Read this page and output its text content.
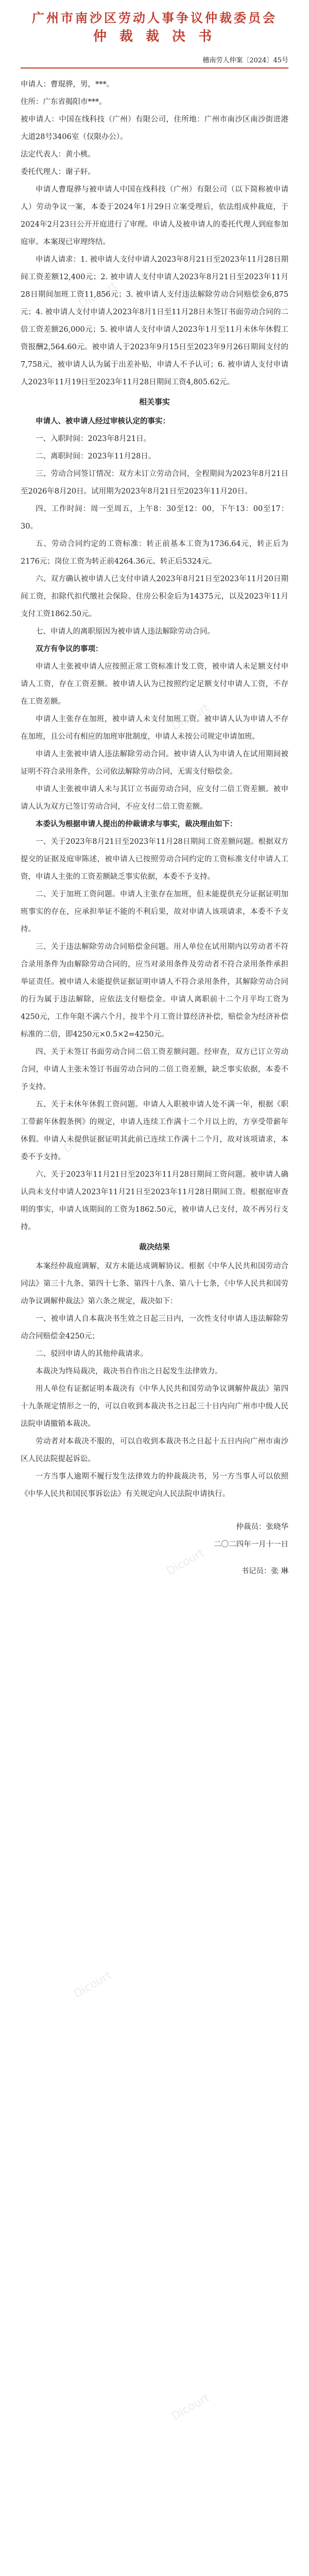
广州市南沙区劳动人事争议仲裁委员会
仲 裁 裁 决 书
穗南劳人仲案〔2024〕45号

申请人：曹琨骅，男，***。

住所：广东省揭阳市***。

被申请人：中国在线科技（广州）有限公司，住所地：广州市南沙区南沙街进港大道28号3406室（仅限办公）。

法定代表人：黄小桃。

委托代理人：谢子轩。

申请人曹琨骅与被申请人中国在线科技（广州）有限公司（以下简称被申请人）劳动争议一案，本委于2024年1月29日立案受理后，依法组成仲裁庭，于2024年2月23日公开开庭进行了审理。申请人及被申请人的委托代理人到庭参加庭审。本案现已审理终结。

申请人请求：1. 被申请人支付申请人2023年8月21日至2023年11月28日期间工资差额12,400元；2. 被申请人支付申请人2023年8月21日至2023年11月28日期间加班工资11,856元；3. 被申请人支付违法解除劳动合同赔偿金6,875元；4. 被申请人支付申请人2023年8月1日至11月28日未签订书面劳动合同的二倍工资差额26,000元；5. 被申请人支付申请人2023年1月至11月未休年休假工资报酬2,564.60元。被申请人于2023年9月15日至2023年9月26日期间支付的7,758元，被申请人认为属于出差补贴，申请人不予认可；6. 被申请人支付申请人2023年11月19日至2023年11月28日期间工资4,805.62元。

相关事实

申请人、被申请人经过审核认定的事实：

一、入职时间：2023年8月21日。

二、离职时间：2023年11月28日。

三、劳动合同签订情况：双方未订立劳动合同，全程期间为2023年8月21日至2026年8月20日。试用期为2023年8月21日至2023年11月20日。

四、工作时间：周一至周五，上午8：30至12：00，下午13：00至17：30。

五、劳动合同约定的工资标准：转正前基本工资为1736.64元，转正后为2176元；岗位工资为转正前4264.36元、转正后5324元。

六、双方确认被申请人已支付申请人2023年8月21日至2023年11月20日期间工资，扣除代扣代缴社会保险、住房公积金后为14375元，以及2023年11月支付工资1862.50元。

七、申请人的离职原因为被申请人违法解除劳动合同。

双方有争议的事项：

申请人主张被申请人应按照正常工资标准计发工资，被申请人未足额支付申请人工资，存在工资差额。被申请人认为已按照约定足额支付申请人工资，不存在工资差额。

申请人主张存在加班，被申请人未支付加班工资。被申请人认为申请人不存在加班，且公司有相应的加班审批制度，申请人未按公司规定申请加班。

申请人主张被申请人违法解除劳动合同。被申请人认为申请人在试用期间被证明不符合录用条件，公司依法解除劳动合同，无需支付赔偿金。

申请人主张被申请人未与其订立书面劳动合同，应支付二倍工资差额。被申请人认为双方已签订劳动合同，不应支付二倍工资差额。

本委认为根据申请人提出的仲裁请求与事实，裁决理由如下：

一、关于2023年8月21日至2023年11月28日期间工资差额问题。根据双方提交的证据及庭审陈述，被申请人已按照劳动合同约定的工资标准支付申请人工资，申请人主张的工资差额缺乏事实依据，本委不予支持。

二、关于加班工资问题。申请人主张存在加班，但未能提供充分证据证明加班事实的存在，应承担举证不能的不利后果，故对申请人该项请求，本委不予支持。

三、关于违法解除劳动合同赔偿金问题。用人单位在试用期内以劳动者不符合录用条件为由解除劳动合同的，应当对录用条件及劳动者不符合录用条件承担举证责任。被申请人未能提供证据证明申请人不符合录用条件，其解除劳动合同的行为属于违法解除，应依法支付赔偿金。申请人离职前十二个月平均工资为4250元，工作年限不满六个月，按半个月工资计算经济补偿，赔偿金为经济补偿标准的二倍，即4250元×0.5×2=4250元。

四、关于未签订书面劳动合同二倍工资差额问题。经审查，双方已订立劳动合同，申请人主张未签订书面劳动合同的二倍工资差额，缺乏事实依据，本委不予支持。

五、关于未休年休假工资问题。申请人入职被申请人处不满一年，根据《职工带薪年休假条例》的规定，申请人连续工作满十二个月以上的，方享受带薪年休假。申请人未提供证据证明其此前已连续工作满十二个月，故对该项请求，本委不予支持。

六、关于2023年11月21日至2023年11月28日期间工资问题。被申请人确认尚未支付申请人2023年11月21日至2023年11月28日期间工资。根据庭审查明的事实，申请人该期间的工资为1862.50元，被申请人已支付，故不再另行支持。

裁决结果

本案经仲裁庭调解，双方未能达成调解协议。根据《中华人民共和国劳动合同法》第三十九条、第四十七条、第四十八条、第八十七条，《中华人民共和国劳动争议调解仲裁法》第六条之规定，裁决如下：

一、被申请人自本裁决书生效之日起三日内，一次性支付申请人违法解除劳动合同赔偿金4250元；

二、驳回申请人的其他仲裁请求。

本裁决为终局裁决，裁决书自作出之日起发生法律效力。

用人单位有证据证明本裁决有《中华人民共和国劳动争议调解仲裁法》第四十九条规定情形之一的，可以自收到本裁决书之日起三十日内向广州市中级人民法院申请撤销本裁决。

劳动者对本裁决不服的，可以自收到本裁决书之日起十五日内向广州市南沙区人民法院提起诉讼。

一方当事人逾期不履行发生法律效力的仲裁裁决书，另一方当事人可以依照《中华人民共和国民事诉讼法》有关规定向人民法院申请执行。

仲裁员：张晓华
二〇二四年一月十一日
书记员：张 琳
Dicourt
Dicourt
Dicourt
Dicourt
Dicourt
Dicourt
